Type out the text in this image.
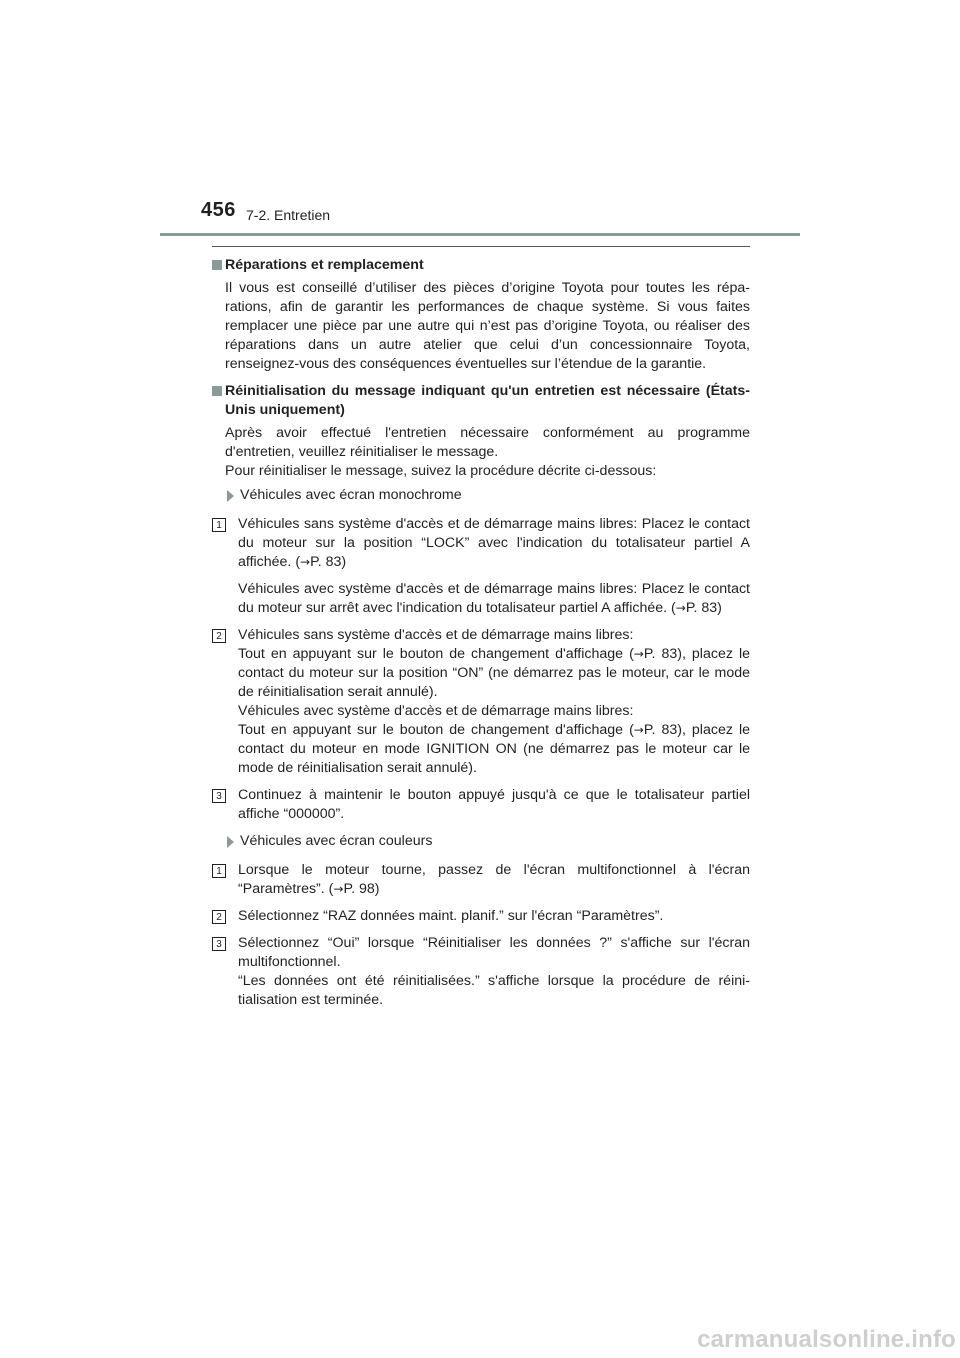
456 7-2. Entretien
Réparations et remplacement

Il vous est conseillé d’utiliser des pièces d’origine Toyota pour toutes les réparations, afin de garantir les performances de chaque système. Si vous faites remplacer une pièce par une autre qui n’est pas d’origine Toyota, ou réaliser des réparations dans un autre atelier que celui d’un concessionnaire Toyota, renseignez-vous des conséquences éventuelles sur l’étendue de la garantie.

Réinitialisation du message indiquant qu'un entretien est nécessaire (États-Unis uniquement)

Après avoir effectué l'entretien nécessaire conformément au programme d'entretien, veuillez réinitialiser le message.

Pour réinitialiser le message, suivez la procédure décrite ci-dessous:

Véhicules avec écran monochrome
1 Véhicules sans système d'accès et de démarrage mains libres: Placez le contact du moteur sur la position “LOCK” avec l'indication du totalisateur partiel A affichée. (→P. 83)

Véhicules avec système d'accès et de démarrage mains libres: Placez le contact du moteur sur arrêt avec l'indication du totalisateur partiel A affichée. (→P. 83)

2 Véhicules sans système d'accès et de démarrage mains libres:

Tout en appuyant sur le bouton de changement d'affichage (→P. 83), placez le contact du moteur sur la position “ON” (ne démarrez pas le moteur, car le mode de réinitialisation serait annulé).

Véhicules avec système d'accès et de démarrage mains libres:

Tout en appuyant sur le bouton de changement d'affichage (→P. 83), placez le contact du moteur en mode IGNITION ON (ne démarrez pas le moteur car le mode de réinitialisation serait annulé).

3 Continuez à maintenir le bouton appuyé jusqu'à ce que le totalisateur partiel affiche “000000”.

Véhicules avec écran couleurs
1 Lorsque le moteur tourne, passez de l'écran multifonctionnel à l'écran “Paramètres”. (→P. 98)

2 Sélectionnez “RAZ données maint. planif.” sur l'écran “Paramètres”.

3 Sélectionnez “Oui” lorsque “Réinitialiser les données ?” s'affiche sur l'écran multifonctionnel.

“Les données ont été réinitialisées.” s'affiche lorsque la procédure de réinitialisation est terminée.

carmanualsonline.info
